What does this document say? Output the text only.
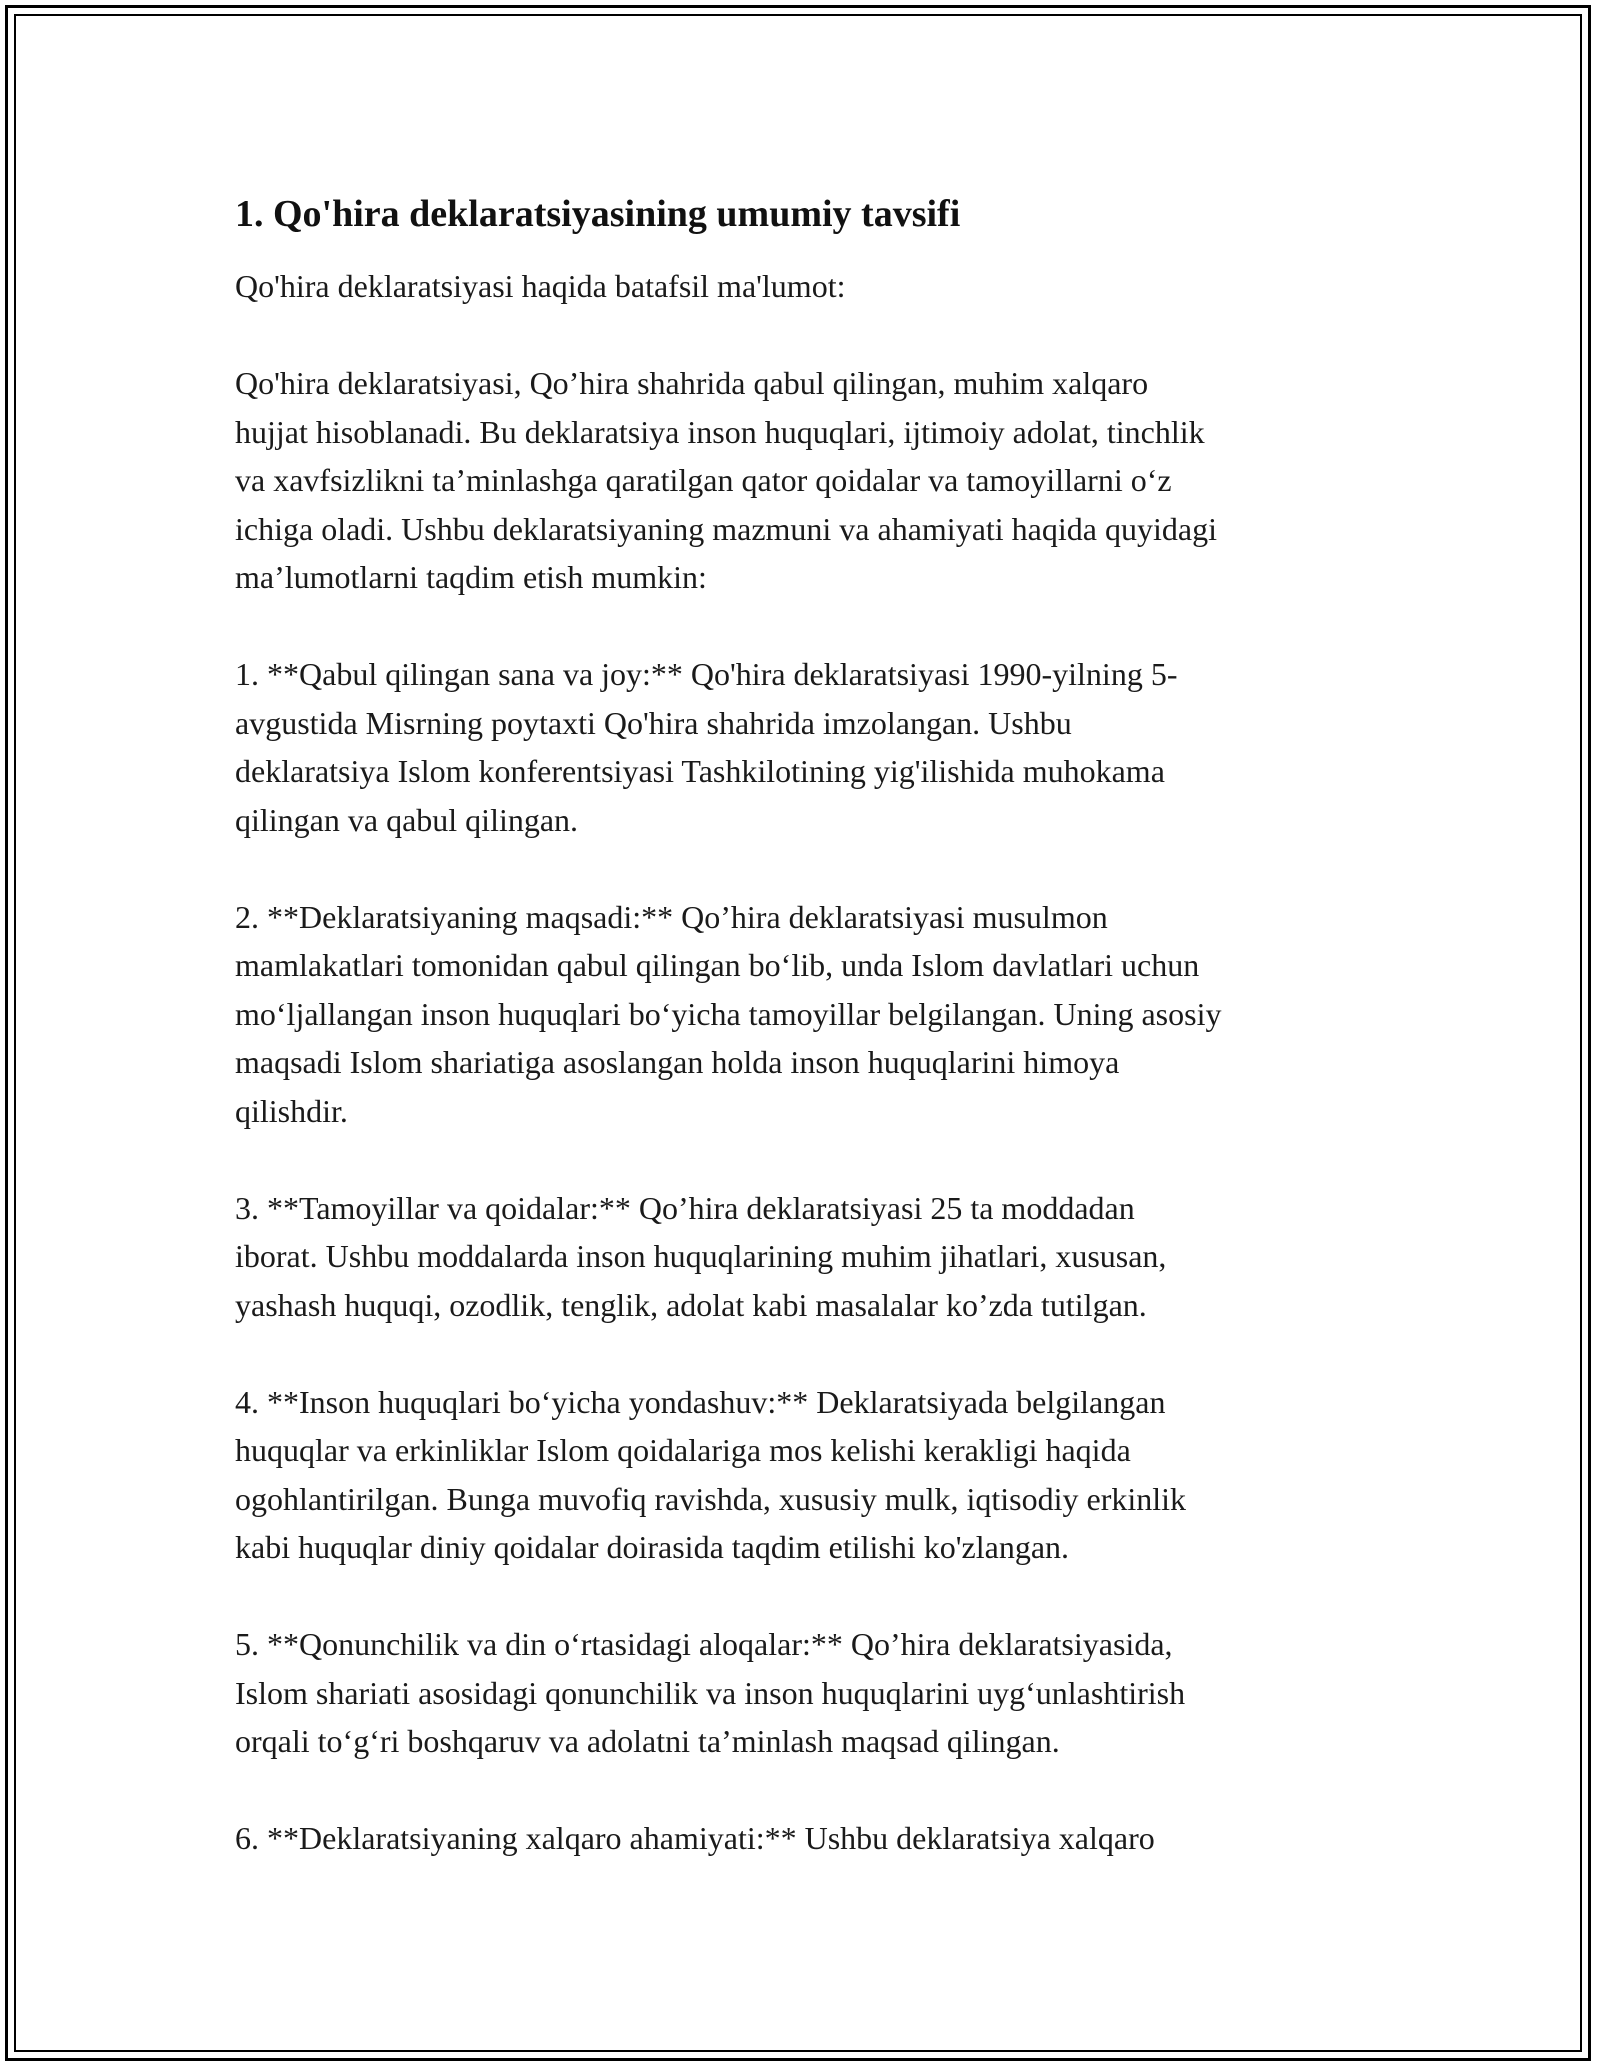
1. Qo'hira deklaratsiyasining umumiy tavsifi

Qo'hira deklaratsiyasi haqida batafsil ma'lumot:

Qo'hira deklaratsiyasi, Qo’hira shahrida qabul qilingan, muhim xalqaro
hujjat hisoblanadi. Bu deklaratsiya inson huquqlari, ijtimoiy adolat, tinchlik
va xavfsizlikni ta’minlashga qaratilgan qator qoidalar va tamoyillarni o‘z
ichiga oladi. Ushbu deklaratsiyaning mazmuni va ahamiyati haqida quyidagi
ma’lumotlarni taqdim etish mumkin:

1. **Qabul qilingan sana va joy:** Qo'hira deklaratsiyasi 1990-yilning 5-
avgustida Misrning poytaxti Qo'hira shahrida imzolangan. Ushbu
deklaratsiya Islom konferentsiyasi Tashkilotining yig'ilishida muhokama
qilingan va qabul qilingan.

2. **Deklaratsiyaning maqsadi:** Qo’hira deklaratsiyasi musulmon
mamlakatlari tomonidan qabul qilingan bo‘lib, unda Islom davlatlari uchun
mo‘ljallangan inson huquqlari bo‘yicha tamoyillar belgilangan. Uning asosiy
maqsadi Islom shariatiga asoslangan holda inson huquqlarini himoya
qilishdir.

3. **Tamoyillar va qoidalar:** Qo’hira deklaratsiyasi 25 ta moddadan
iborat. Ushbu moddalarda inson huquqlarining muhim jihatlari, xususan,
yashash huquqi, ozodlik, tenglik, adolat kabi masalalar ko’zda tutilgan.

4. **Inson huquqlari bo‘yicha yondashuv:** Deklaratsiyada belgilangan
huquqlar va erkinliklar Islom qoidalariga mos kelishi kerakligi haqida
ogohlantirilgan. Bunga muvofiq ravishda, xususiy mulk, iqtisodiy erkinlik
kabi huquqlar diniy qoidalar doirasida taqdim etilishi ko'zlangan.

5. **Qonunchilik va din o‘rtasidagi aloqalar:** Qo’hira deklaratsiyasida,
Islom shariati asosidagi qonunchilik va inson huquqlarini uyg‘unlashtirish
orqali to‘g‘ri boshqaruv va adolatni ta’minlash maqsad qilingan.

6. **Deklaratsiyaning xalqaro ahamiyati:** Ushbu deklaratsiya xalqaro
